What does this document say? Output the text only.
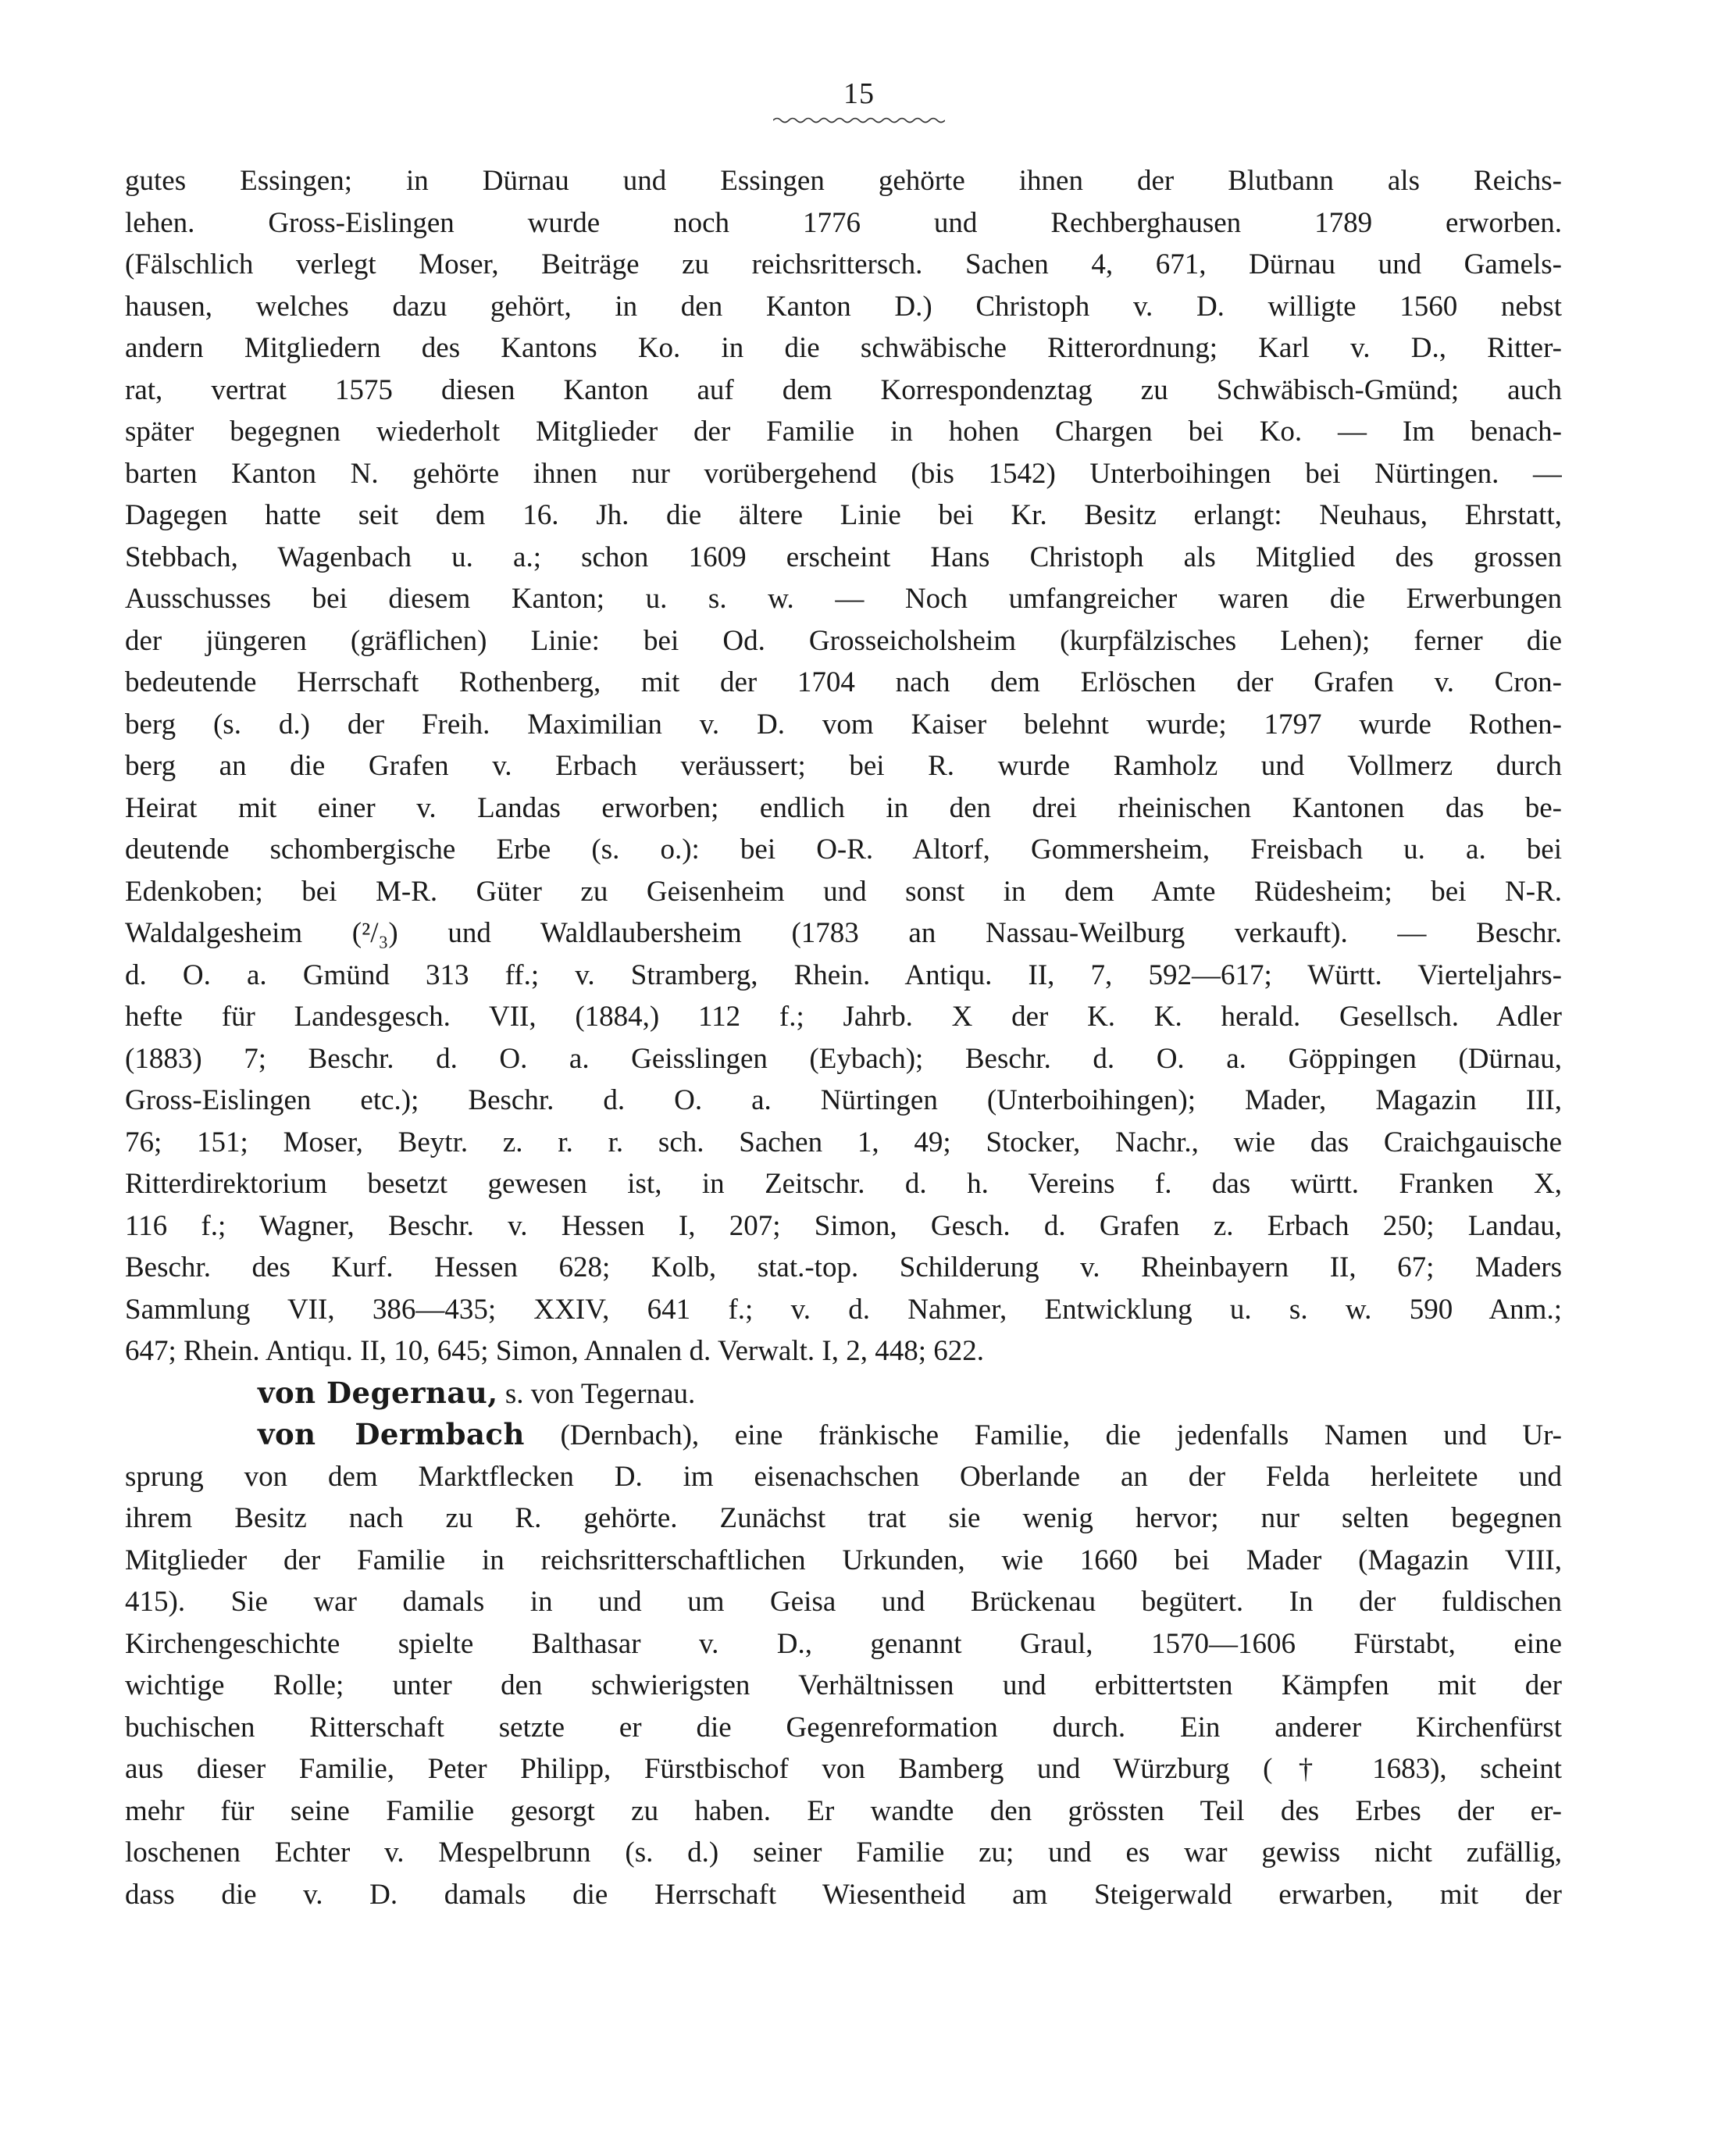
15
gutes Essingen; in Dürnau und Essingen gehörte ihnen der Blutbann als Reichs-
lehen. Gross-Eislingen wurde noch 1776 und Rechberghausen 1789 erworben.
(Fälschlich verlegt Moser, Beiträge zu reichsrittersch. Sachen 4, 671, Dürnau und Gamels-
hausen, welches dazu gehört, in den Kanton D.) Christoph v. D. willigte 1560 nebst
andern Mitgliedern des Kantons Ko. in die schwäbische Ritterordnung; Karl v. D., Ritter-
rat, vertrat 1575 diesen Kanton auf dem Korrespondenztag zu Schwäbisch-Gmünd; auch
später begegnen wiederholt Mitglieder der Familie in hohen Chargen bei Ko. — Im benach-
barten Kanton N. gehörte ihnen nur vorübergehend (bis 1542) Unterboihingen bei Nürtingen. —
Dagegen hatte seit dem 16. Jh. die ältere Linie bei Kr. Besitz erlangt: Neuhaus, Ehrstatt,
Stebbach, Wagenbach u. a.; schon 1609 erscheint Hans Christoph als Mitglied des grossen
Ausschusses bei diesem Kanton; u. s. w. — Noch umfangreicher waren die Erwerbungen
der jüngeren (gräflichen) Linie: bei Od. Grosseicholsheim (kurpfälzisches Lehen); ferner die
bedeutende Herrschaft Rothenberg, mit der 1704 nach dem Erlöschen der Grafen v. Cron-
berg (s. d.) der Freih. Maximilian v. D. vom Kaiser belehnt wurde; 1797 wurde Rothen-
berg an die Grafen v. Erbach veräussert; bei R. wurde Ramholz und Vollmerz durch
Heirat mit einer v. Landas erworben; endlich in den drei rheinischen Kantonen das be-
deutende schombergische Erbe (s. o.): bei O-R. Altorf, Gommersheim, Freisbach u. a. bei
Edenkoben; bei M-R. Güter zu Geisenheim und sonst in dem Amte Rüdesheim; bei N-R.
Waldalgesheim (²/₃) und Waldlaubersheim (1783 an Nassau-Weilburg verkauft). — Beschr.
d. O. a. Gmünd 313 ff.; v. Stramberg, Rhein. Antiqu. II, 7, 592—617; Württ. Vierteljahrs-
hefte für Landesgesch. VII, (1884,) 112 f.; Jahrb. X der K. K. herald. Gesellsch. Adler
(1883) 7; Beschr. d. O. a. Geisslingen (Eybach); Beschr. d. O. a. Göppingen (Dürnau,
Gross-Eislingen etc.); Beschr. d. O. a. Nürtingen (Unterboihingen); Mader, Magazin III,
76; 151; Moser, Beytr. z. r. r. sch. Sachen 1, 49; Stocker, Nachr., wie das Craichgauische
Ritterdirektorium besetzt gewesen ist, in Zeitschr. d. h. Vereins f. das württ. Franken X,
116 f.; Wagner, Beschr. v. Hessen I, 207; Simon, Gesch. d. Grafen z. Erbach 250; Landau,
Beschr. des Kurf. Hessen 628; Kolb, stat.-top. Schilderung v. Rheinbayern II, 67; Maders
Sammlung VII, 386—435; XXIV, 641 f.; v. d. Nahmer, Entwicklung u. s. w. 590 Anm.;
647; Rhein. Antiqu. II, 10, 645; Simon, Annalen d. Verwalt. I, 2, 448; 622.
von Degernau, s. von Tegernau.
von Dermbach (Dernbach), eine fränkische Familie, die jedenfalls Namen und Ur-
sprung von dem Marktflecken D. im eisenachschen Oberlande an der Felda herleitete und
ihrem Besitz nach zu R. gehörte. Zunächst trat sie wenig hervor; nur selten begegnen
Mitglieder der Familie in reichsritterschaftlichen Urkunden, wie 1660 bei Mader (Magazin VIII,
415). Sie war damals in und um Geisa und Brückenau begütert. In der fuldischen
Kirchengeschichte spielte Balthasar v. D., genannt Graul, 1570—1606 Fürstabt, eine
wichtige Rolle; unter den schwierigsten Verhältnissen und erbittertsten Kämpfen mit der
buchischen Ritterschaft setzte er die Gegenreformation durch. Ein anderer Kirchenfürst
aus dieser Familie, Peter Philipp, Fürstbischof von Bamberg und Würzburg († 1683), scheint
mehr für seine Familie gesorgt zu haben. Er wandte den grössten Teil des Erbes der er-
loschenen Echter v. Mespelbrunn (s. d.) seiner Familie zu; und es war gewiss nicht zufällig,
dass die v. D. damals die Herrschaft Wiesentheid am Steigerwald erwarben, mit der
